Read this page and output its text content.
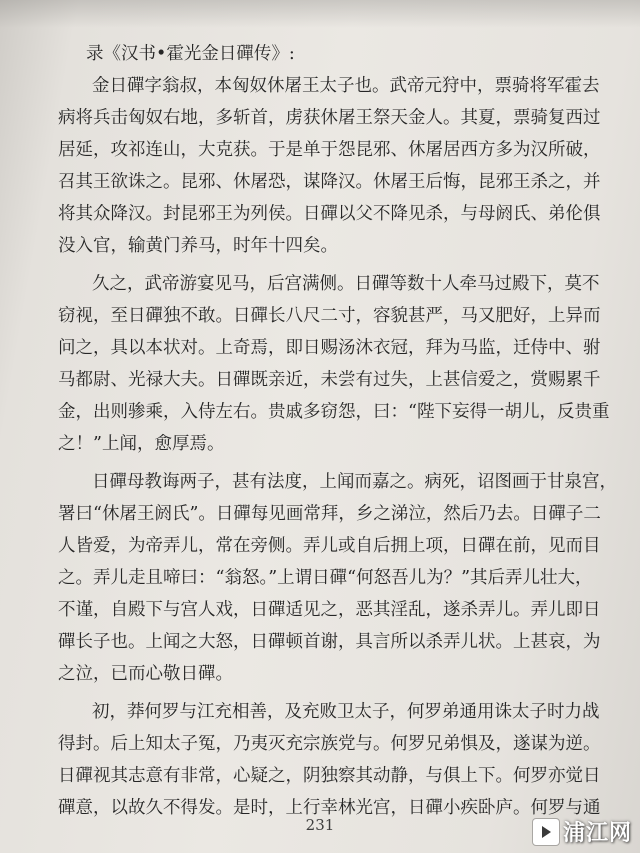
录《汉书•霍光金日磾传》:
金日磾字翁叔，本匈奴休屠王太子也。武帝元狩中，票骑将军霍去
病将兵击匈奴右地，多斩首，虏获休屠王祭天金人。其夏，票骑复西过
居延，攻祁连山，大克获。于是单于怨昆邪、休屠居西方多为汉所破，
召其王欲诛之。昆邪、休屠恐，谋降汉。休屠王后悔，昆邪王杀之，并
将其众降汉。封昆邪王为列侯。日磾以父不降见杀，与母阏氏、弟伦俱
没入官，输黄门养马，时年十四矣。
久之，武帝游宴见马，后宫满侧。日磾等数十人牵马过殿下，莫不
窃视，至日磾独不敢。日磾长八尺二寸，容貌甚严，马又肥好，上异而
问之，具以本状对。上奇焉，即日赐汤沐衣冠，拜为马监，迁侍中、驸
马都尉、光禄大夫。日磾既亲近，未尝有过失，上甚信爱之，赏赐累千
金，出则骖乘，入侍左右。贵戚多窃怨，曰：“陛下妄得一胡儿，反贵重
之！”上闻，愈厚焉。
日磾母教诲两子，甚有法度，上闻而嘉之。病死，诏图画于甘泉宫，
署曰“休屠王阏氏”。日磾每见画常拜，乡之涕泣，然后乃去。日磾子二
人皆爱，为帝弄儿，常在旁侧。弄儿或自后拥上项，日磾在前，见而目
之。弄儿走且啼曰：“翁怒。”上谓日磾“何怒吾儿为？”其后弄儿壮大，
不谨，自殿下与宫人戏，日磾适见之，恶其淫乱，遂杀弄儿。弄儿即日
磾长子也。上闻之大怒，日磾顿首谢，具言所以杀弄儿状。上甚哀，为
之泣，已而心敬日磾。
初，莽何罗与江充相善，及充败卫太子，何罗弟通用诛太子时力战
得封。后上知太子冤，乃夷灭充宗族党与。何罗兄弟惧及，遂谋为逆。
日磾视其志意有非常，心疑之，阴独察其动静，与俱上下。何罗亦觉日
磾意，以故久不得发。是时，上行幸林光宫，日磾小疾卧庐。何罗与通
231	浦江网
